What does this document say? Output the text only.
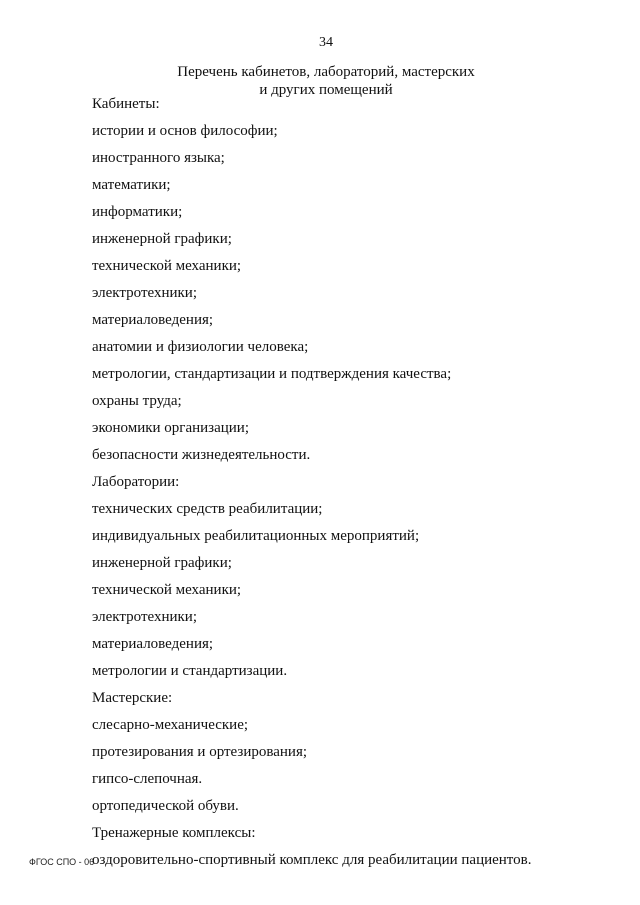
34
Перечень кабинетов, лабораторий, мастерских
и других помещений
Кабинеты:
истории и основ философии;
иностранного языка;
математики;
информатики;
инженерной графики;
технической механики;
электротехники;
материаловедения;
анатомии и физиологии человека;
метрологии, стандартизации и подтверждения качества;
охраны труда;
экономики организации;
безопасности жизнедеятельности.
Лаборатории:
технических средств реабилитации;
индивидуальных реабилитационных мероприятий;
инженерной графики;
технической механики;
электротехники;
материаловедения;
метрологии и стандартизации.
Мастерские:
слесарно-механические;
протезирования и ортезирования;
гипсо-слепочная.
ортопедической обуви.
Тренажерные комплексы:
оздоровительно-спортивный комплекс для реабилитации пациентов.
ФГОС СПО - 06
